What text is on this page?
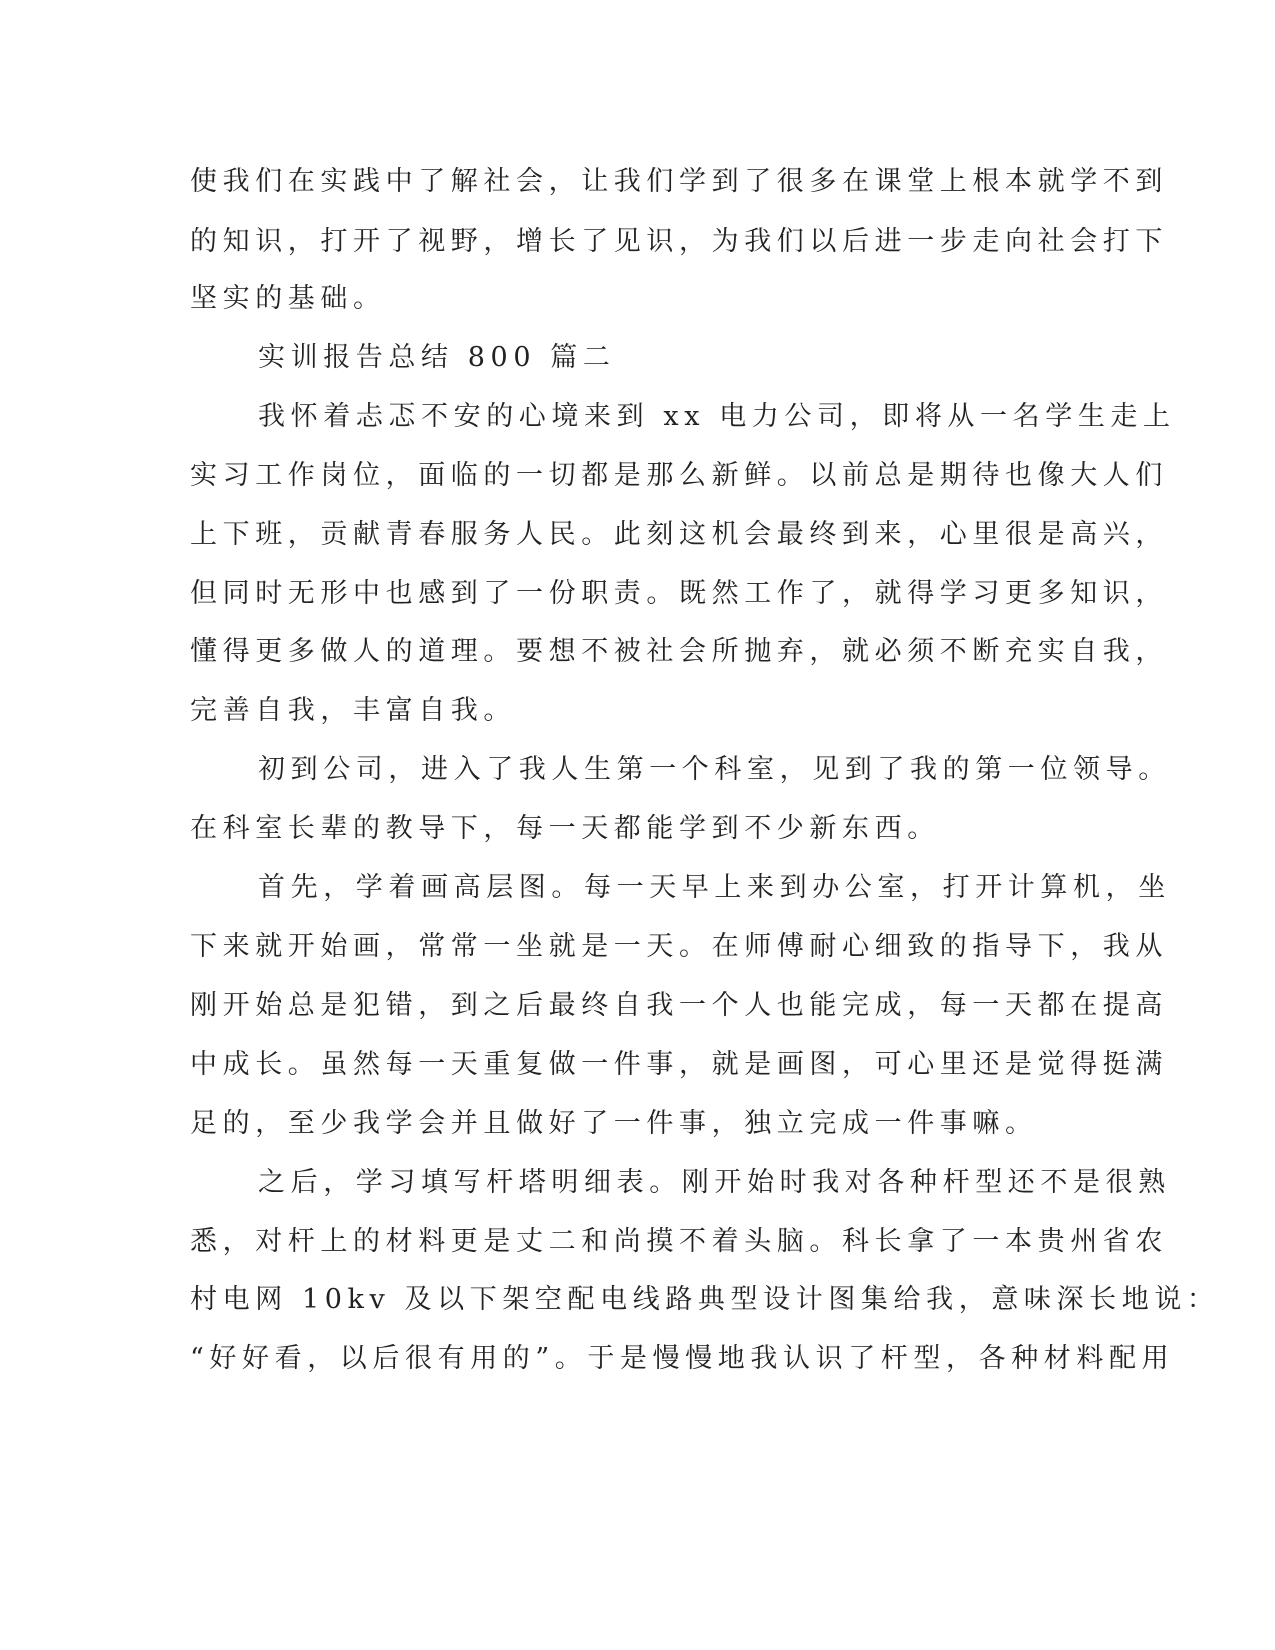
使我们在实践中了解社会，让我们学到了很多在课堂上根本就学不到
的知识，打开了视野，增长了见识，为我们以后进一步走向社会打下
坚实的基础。
实训报告总结 800 篇二
我怀着忐忑不安的心境来到 xx 电力公司，即将从一名学生走上
实习工作岗位，面临的一切都是那么新鲜。以前总是期待也像大人们
上下班，贡献青春服务人民。此刻这机会最终到来，心里很是高兴，
但同时无形中也感到了一份职责。既然工作了，就得学习更多知识，
懂得更多做人的道理。要想不被社会所抛弃，就必须不断充实自我，
完善自我，丰富自我。
初到公司，进入了我人生第一个科室，见到了我的第一位领导。
在科室长辈的教导下，每一天都能学到不少新东西。
首先，学着画高层图。每一天早上来到办公室，打开计算机，坐
下来就开始画，常常一坐就是一天。在师傅耐心细致的指导下，我从
刚开始总是犯错，到之后最终自我一个人也能完成，每一天都在提高
中成长。虽然每一天重复做一件事，就是画图，可心里还是觉得挺满
足的，至少我学会并且做好了一件事，独立完成一件事嘛。
之后，学习填写杆塔明细表。刚开始时我对各种杆型还不是很熟
悉，对杆上的材料更是丈二和尚摸不着头脑。科长拿了一本贵州省农
村电网 10kv 及以下架空配电线路典型设计图集给我，意味深长地说：
“好好看，以后很有用的”。于是慢慢地我认识了杆型，各种材料配用
